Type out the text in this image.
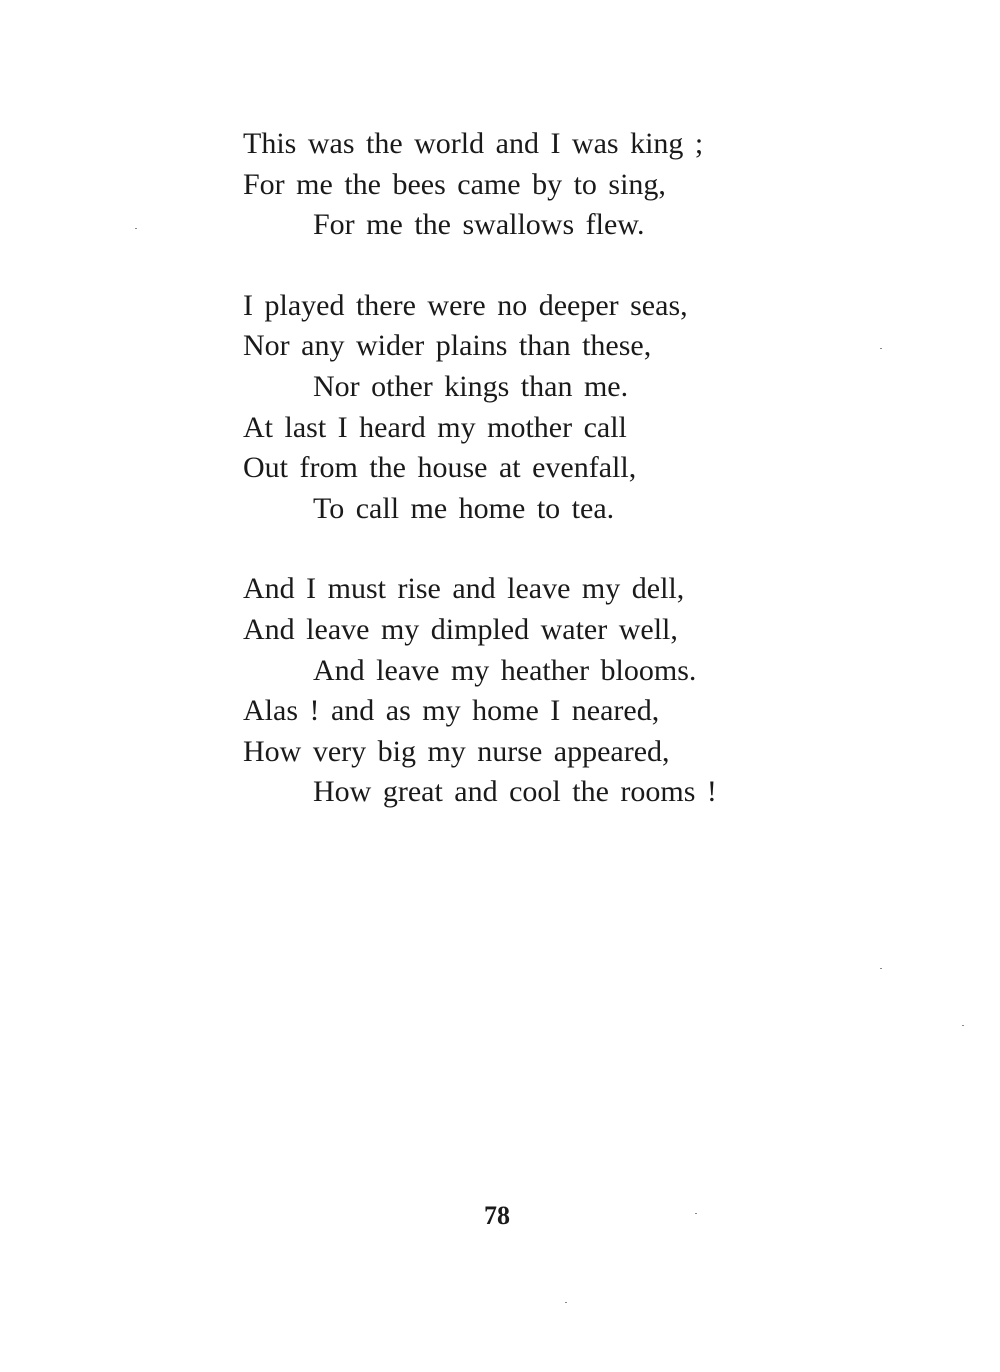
This was the world and I was king ;
For me the bees came by to sing,
For me the swallows flew.
I played there were no deeper seas,
Nor any wider plains than these,
Nor other kings than me.
At last I heard my mother call
Out from the house at evenfall,
To call me home to tea.
And I must rise and leave my dell,
And leave my dimpled water well,
And leave my heather blooms.
Alas ! and as my home I neared,
How very big my nurse appeared,
How great and cool the rooms !
78
